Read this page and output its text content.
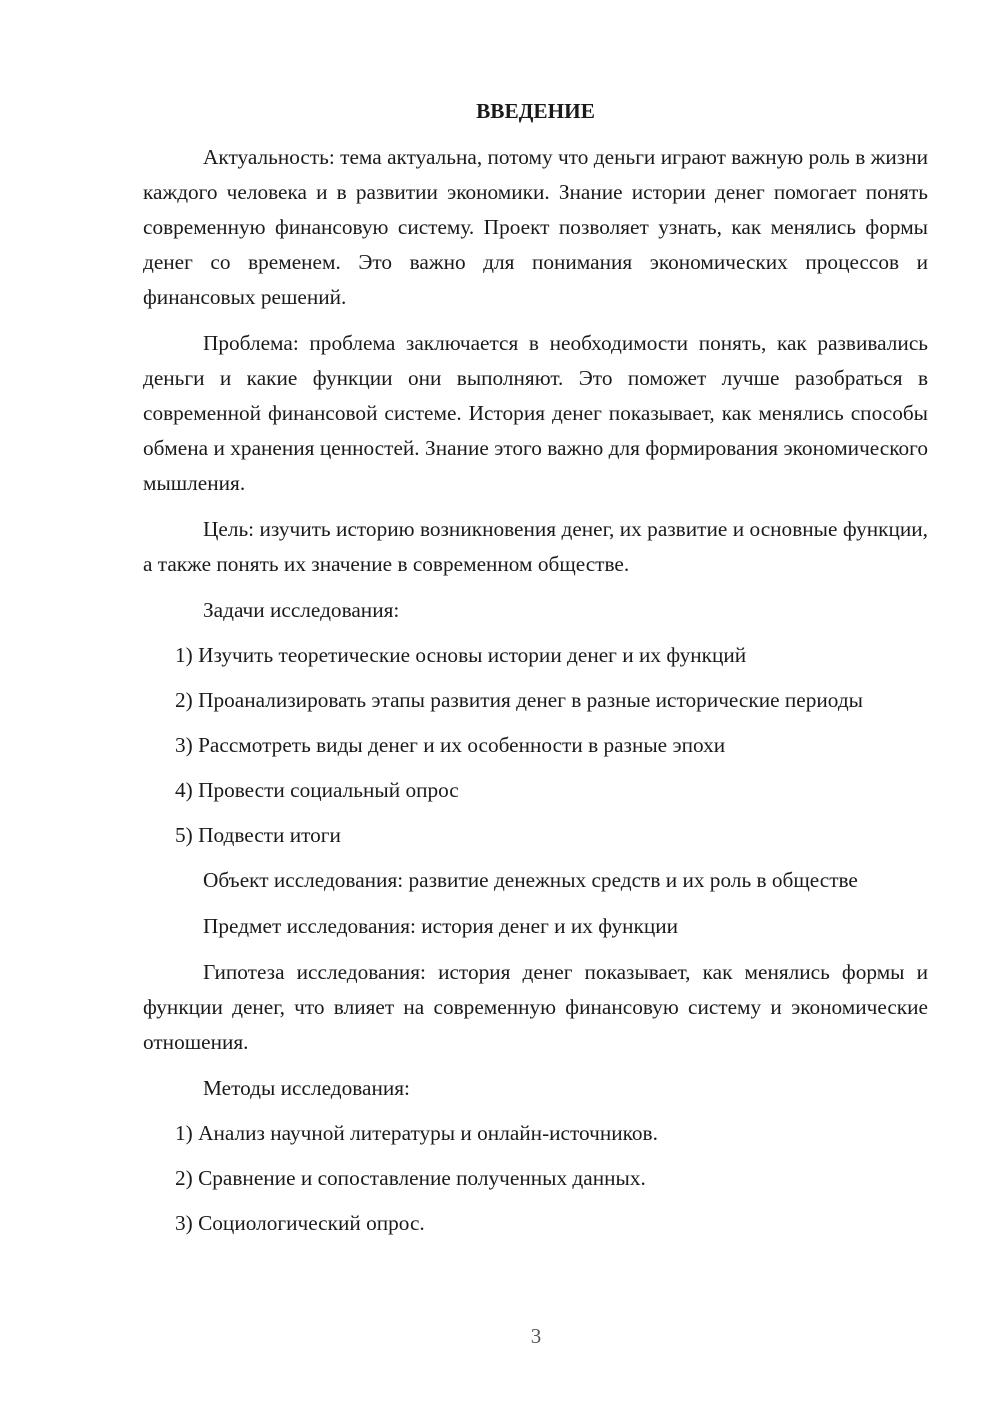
ВВЕДЕНИЕ

Актуальность: тема актуальна, потому что деньги играют важную роль в жизни каждого человека и в развитии экономики. Знание истории денег помогает понять современную финансовую систему. Проект позволяет узнать, как менялись формы денег со временем. Это важно для понимания экономических процессов и финансовых решений.

Проблема: проблема заключается в необходимости понять, как развивались деньги и какие функции они выполняют. Это поможет лучше разобраться в современной финансовой системе. История денег показывает, как менялись способы обмена и хранения ценностей. Знание этого важно для формирования экономического мышления.

Цель: изучить историю возникновения денег, их развитие и основные функции, а также понять их значение в современном обществе.

Задачи исследования:

1) Изучить теоретические основы истории денег и их функций

2) Проанализировать этапы развития денег в разные исторические периоды

3) Рассмотреть виды денег и их особенности в разные эпохи

4) Провести социальный опрос

5) Подвести итоги

Объект исследования: развитие денежных средств и их роль в обществе

Предмет исследования: история денег и их функции

Гипотеза исследования: история денег показывает, как менялись формы и функции денег, что влияет на современную финансовую систему и экономические отношения.

Методы исследования:

1) Анализ научной литературы и онлайн-источников.

2) Сравнение и сопоставление полученных данных.

3) Социологический опрос.

3
